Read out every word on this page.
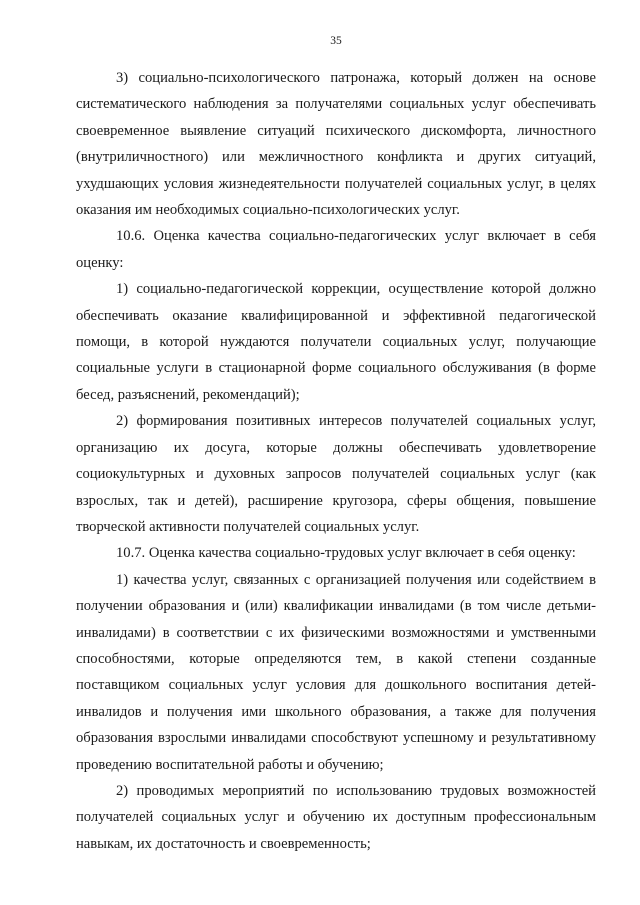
35

3) социально-психологического патронажа, который должен на основе систематического наблюдения за получателями социальных услуг обеспечивать своевременное выявление ситуаций психического дискомфорта, личностного (внутриличностного) или межличностного конфликта и других ситуаций, ухудшающих условия жизнедеятельности получателей социальных услуг, в целях оказания им необходимых социально-психологических услуг.

10.6. Оценка качества социально-педагогических услуг включает в себя оценку:

1) социально-педагогической коррекции, осуществление которой должно обеспечивать оказание квалифицированной и эффективной педагогической помощи, в которой нуждаются получатели социальных услуг, получающие социальные услуги в стационарной форме социального обслуживания (в форме бесед, разъяснений, рекомендаций);

2) формирования позитивных интересов получателей социальных услуг, организацию их досуга, которые должны обеспечивать удовлетворение социокультурных и духовных запросов получателей социальных услуг (как взрослых, так и детей), расширение кругозора, сферы общения, повышение творческой активности получателей социальных услуг.

10.7. Оценка качества социально-трудовых услуг включает в себя оценку:

1) качества услуг, связанных с организацией получения или содействием в получении образования и (или) квалификации инвалидами (в том числе детьми-инвалидами) в соответствии с их физическими возможностями и умственными способностями, которые определяются тем, в какой степени созданные поставщиком социальных услуг условия для дошкольного воспитания детей-инвалидов и получения ими школьного образования, а также для получения образования взрослыми инвалидами способствуют успешному и результативному проведению воспитательной работы и обучению;

2) проводимых мероприятий по использованию трудовых возможностей получателей социальных услуг и обучению их доступным профессиональным навыкам, их достаточность и своевременность;
